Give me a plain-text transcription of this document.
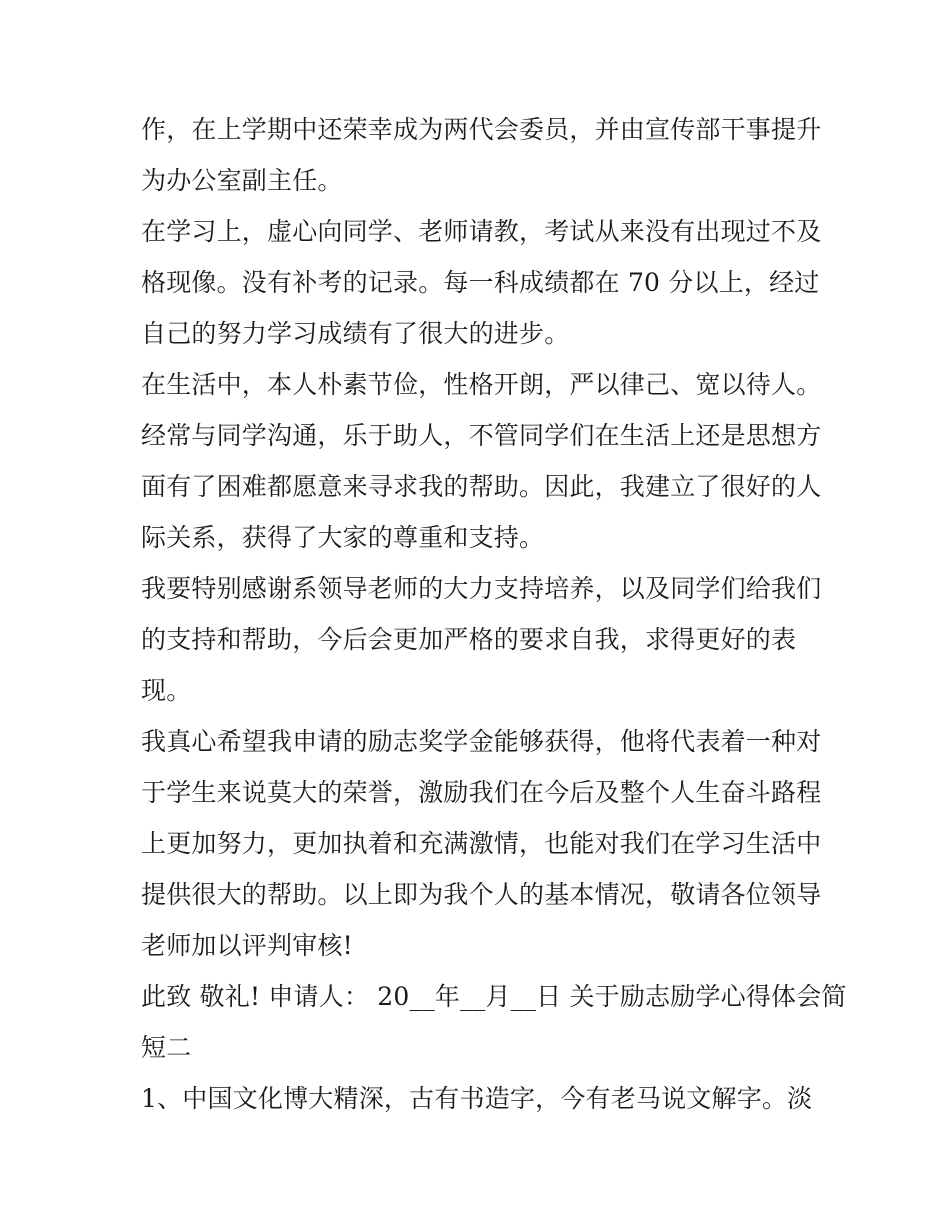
作，在上学期中还荣幸成为两代会委员，并由宣传部干事提升
为办公室副主任。
在学习上，虚心向同学、老师请教，考试从来没有出现过不及
格现像。没有补考的记录。每一科成绩都在 70 分以上，经过
自己的努力学习成绩有了很大的进步。
在生活中，本人朴素节俭，性格开朗，严以律己、宽以待人。
经常与同学沟通，乐于助人，不管同学们在生活上还是思想方
面有了困难都愿意来寻求我的帮助。因此，我建立了很好的人
际关系，获得了大家的尊重和支持。
我要特别感谢系领导老师的大力支持培养，以及同学们给我们
的支持和帮助，今后会更加严格的要求自我，求得更好的表
现。
我真心希望我申请的励志奖学金能够获得，他将代表着一种对
于学生来说莫大的荣誉，激励我们在今后及整个人生奋斗路程
上更加努力，更加执着和充满激情，也能对我们在学习生活中
提供很大的帮助。以上即为我个人的基本情况，敬请各位领导
老师加以评判审核!
此致 敬礼! 申请人： 20__年__月__日 关于励志励学心得体会简
短二
1、中国文化博大精深，古有书造字，今有老马说文解字。淡
